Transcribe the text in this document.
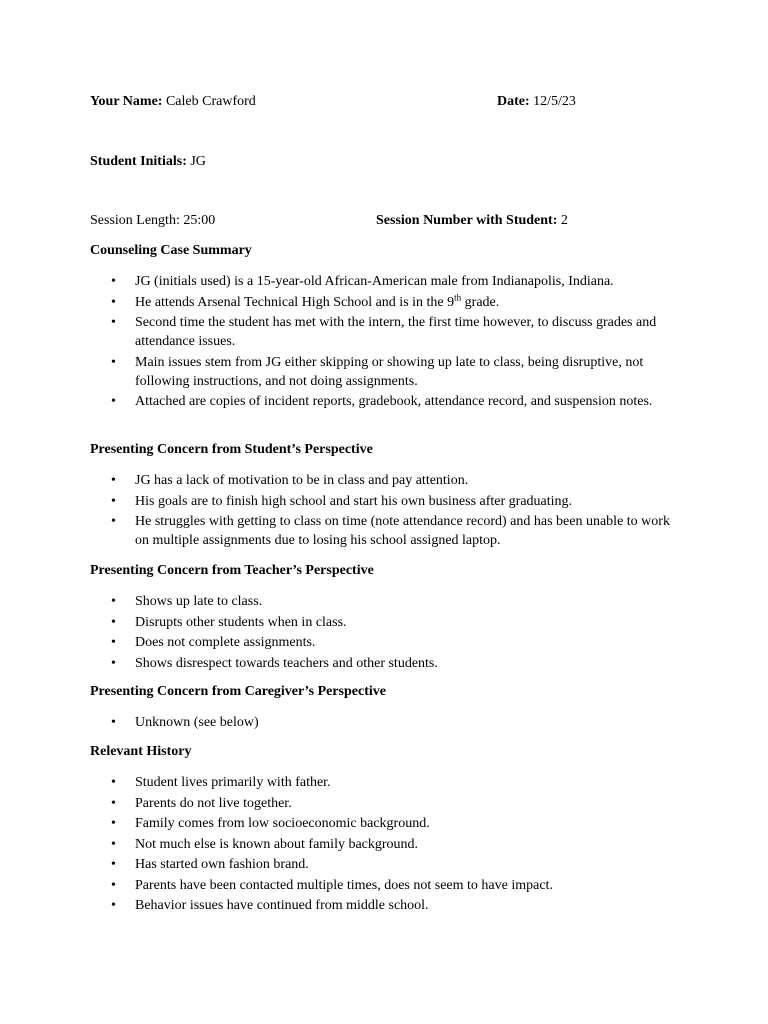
Your Name: Caleb Crawford	Date: 12/5/23
Student Initials: JG
Session Length: 25:00	Session Number with Student: 2

Counseling Case Summary

• JG (initials used) is a 15-year-old African-American male from Indianapolis, Indiana.
• He attends Arsenal Technical High School and is in the 9th grade.
• Second time the student has met with the intern, the first time however, to discuss grades and attendance issues.
• Main issues stem from JG either skipping or showing up late to class, being disruptive, not following instructions, and not doing assignments.
• Attached are copies of incident reports, gradebook, attendance record, and suspension notes.

Presenting Concern from Student’s Perspective

• JG has a lack of motivation to be in class and pay attention.
• His goals are to finish high school and start his own business after graduating.
• He struggles with getting to class on time (note attendance record) and has been unable to work on multiple assignments due to losing his school assigned laptop.

Presenting Concern from Teacher’s Perspective

• Shows up late to class.
• Disrupts other students when in class.
• Does not complete assignments.
• Shows disrespect towards teachers and other students.

Presenting Concern from Caregiver’s Perspective

• Unknown (see below)

Relevant History

• Student lives primarily with father.
• Parents do not live together.
• Family comes from low socioeconomic background.
• Not much else is known about family background.
• Has started own fashion brand.
• Parents have been contacted multiple times, does not seem to have impact.
• Behavior issues have continued from middle school.
